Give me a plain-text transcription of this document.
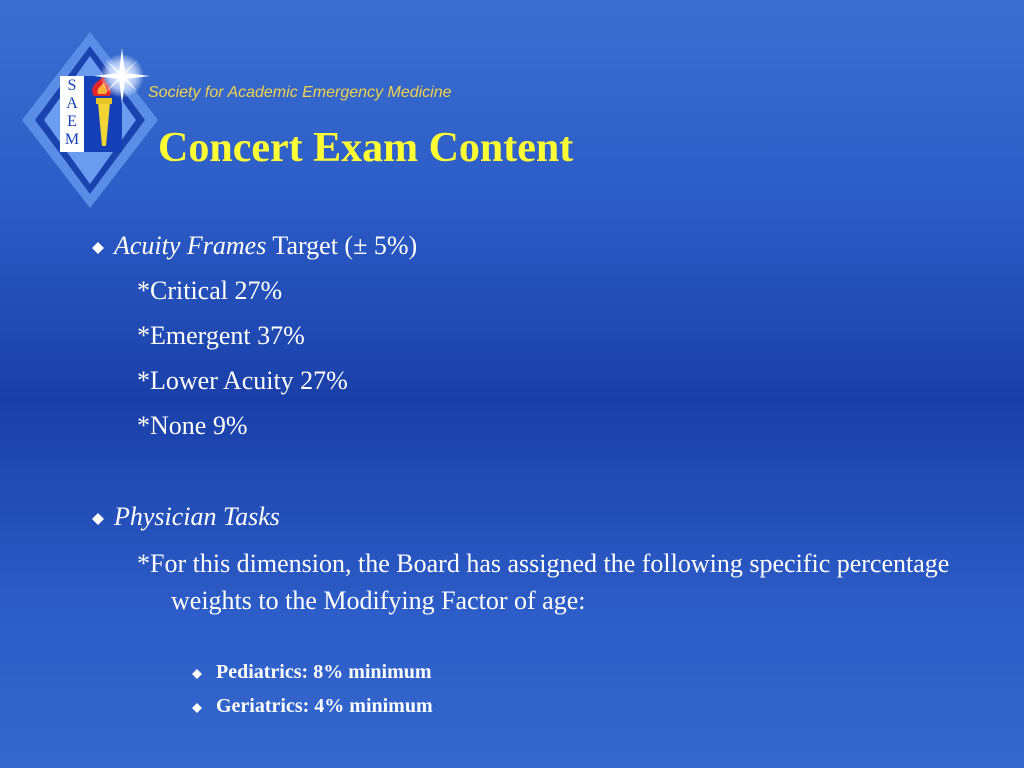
S
A
E
M
Society for Academic Emergency Medicine
Concert Exam Content
Acuity Frames Target (± 5%)
*Critical 27%
*Emergent 37%
*Lower Acuity 27%
*None 9%
Physician Tasks
*For this dimension, the Board has assigned the following specific percentage weights to the Modifying Factor of age:
Pediatrics: 8% minimum
Geriatrics: 4% minimum
